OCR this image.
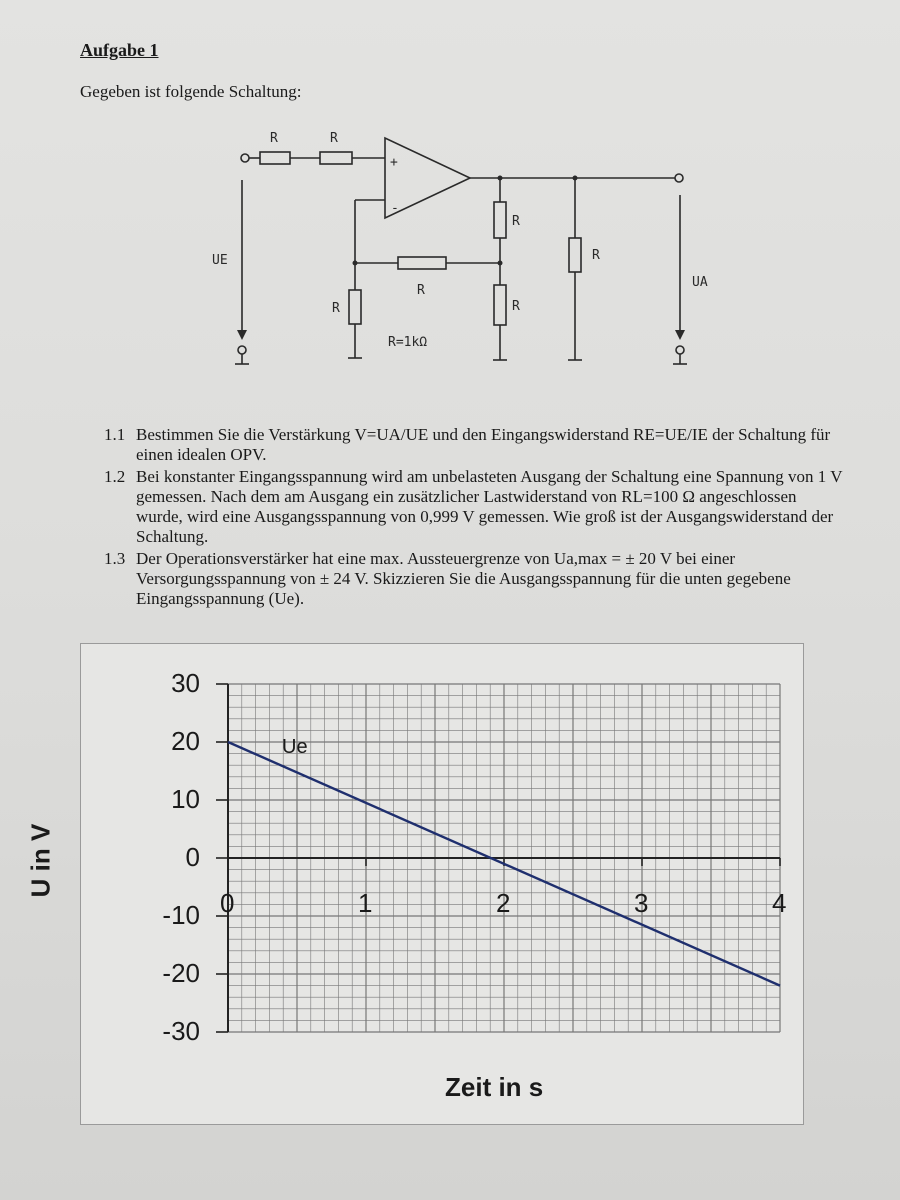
Aufgabe 1
Gegeben ist folgende Schaltung:
R	R
+
-
R
R
R
R
R
UE
UA
R=1kΩ
1.1 Bestimmen Sie die Verstärkung V=UA/UE und den Eingangswiderstand RE=UE/IE der Schaltung für einen idealen OPV.
1.2 Bei konstanter Eingangsspannung wird am unbelasteten Ausgang der Schaltung eine Spannung von 1 V gemessen. Nach dem am Ausgang ein zusätzlicher Lastwiderstand von RL=100 Ω angeschlossen wurde, wird eine Ausgangsspannung von 0,999 V gemessen. Wie groß ist der Ausgangswiderstand der Schaltung.
1.3 Der Operationsverstärker hat eine max. Aussteuergrenze von Ua,max = ± 20 V bei einer Versorgungsspannung von ± 24 V. Skizzieren Sie die Ausgangsspannung für die unten gegebene Eingangsspannung (Ue).
U in V
Zeit in s
Ue
30
20
10
0
-10
-20
-30
0	1	2	3	4
